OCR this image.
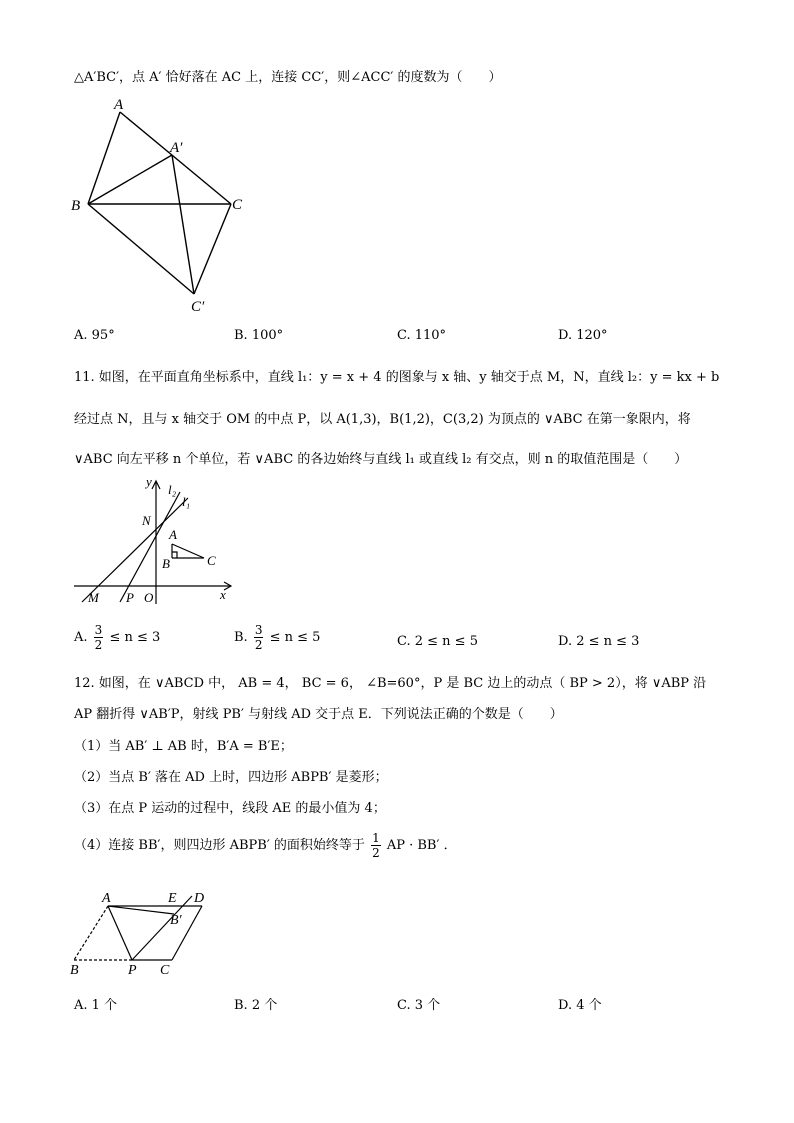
△A′BC′，点 A′ 恰好落在 AC 上，连接 CC′，则∠ACC′ 的度数为（　　）
A
A′
B	C
C′
A. 95°	B. 100°	C. 110°	D. 120°
11. 如图，在平面直角坐标系中，直线 l₁：y = x + 4 的图象与 x 轴、y 轴交于点 M，N，直线 l₂：y = kx + b
经过点 N，且与 x 轴交于 OM 的中点 P，以 A(1,3)，B(1,2)，C(3,2) 为顶点的 ∨ABC 在第一象限内，将
∨ABC 向左平移 n 个单位，若 ∨ABC 的各边始终与直线 l₁ 或直线 l₂ 有交点，则 n 的取值范围是（　　）
y
l₂
l₁
N
A
B	C
M P O	x
A. $\frac{3}{2} \le n \le 3$	B. $\frac{3}{2} \le n \le 5$	C. 2 ≤ n ≤ 5	D. 2 ≤ n ≤ 3
12. 如图，在 ∨ABCD 中， AB = 4， BC = 6， ∠B=60°，P 是 BC 边上的动点（ BP > 2），将 ∨ABP 沿
AP 翻折得 ∨AB′P，射线 PB′ 与射线 AD 交于点 E．下列说法正确的个数是（　　）
（1）当 AB′ ⊥ AB 时，B′A = B′E；
（2）当点 B′ 落在 AD 上时，四边形 ABPB′ 是菱形；
（3）在点 P 运动的过程中，线段 AE 的最小值为 4；
（4）连接 BB′，则四边形 ABPB′ 的面积始终等于 $\frac{1}{2}$ AP · BB′ ．
A	E D
B′
B	P C
A. 1 个	B. 2 个	C. 3 个	D. 4 个
